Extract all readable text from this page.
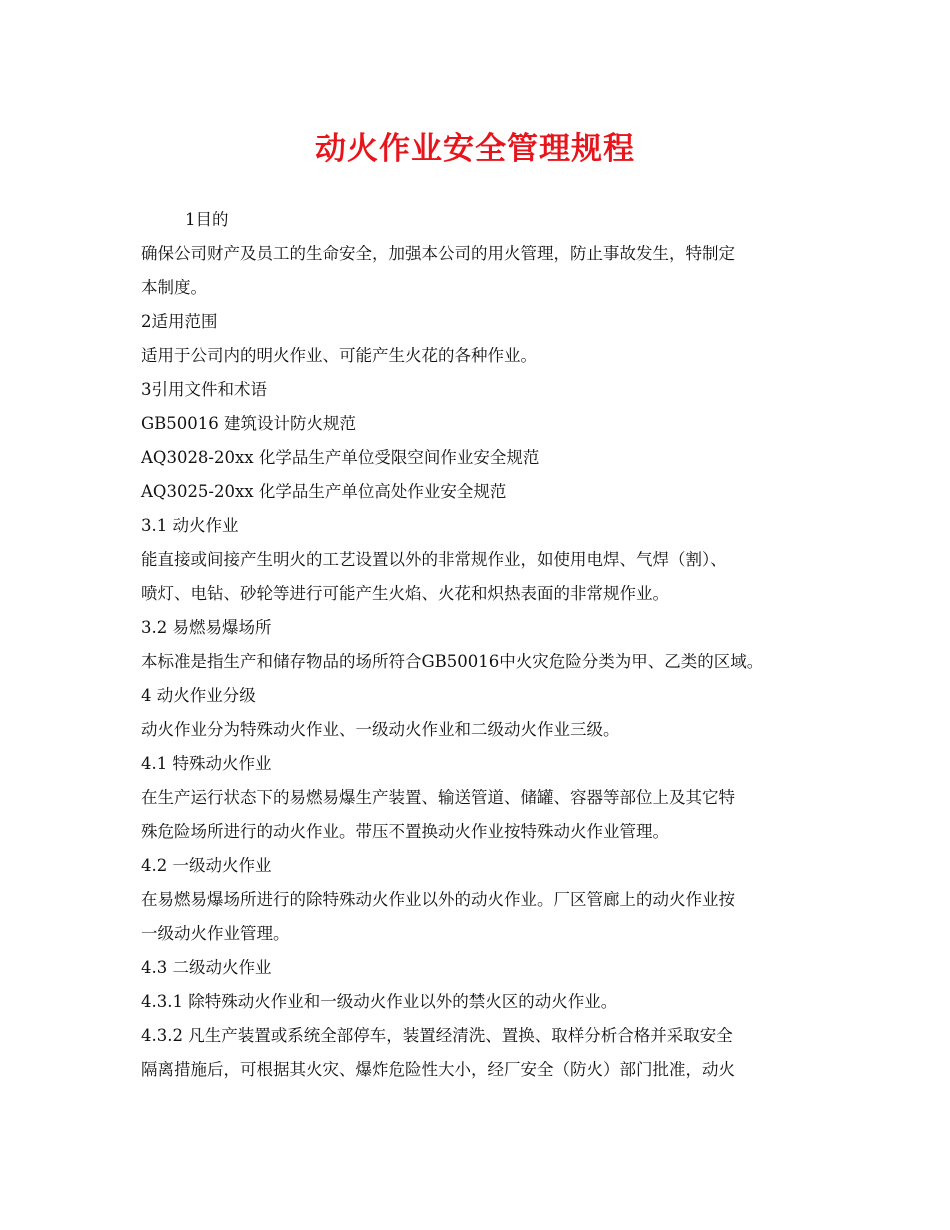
动火作业安全管理规程
1目的
确保公司财产及员工的生命安全，加强本公司的用火管理，防止事故发生，特制定
本制度。
2适用范围
适用于公司内的明火作业、可能产生火花的各种作业。
3引用文件和术语
GB50016 建筑设计防火规范
AQ3028-20xx 化学品生产单位受限空间作业安全规范
AQ3025-20xx 化学品生产单位高处作业安全规范
3.1 动火作业
能直接或间接产生明火的工艺设置以外的非常规作业，如使用电焊、气焊（割）、
喷灯、电钻、砂轮等进行可能产生火焰、火花和炽热表面的非常规作业。
3.2 易燃易爆场所
本标准是指生产和储存物品的场所符合GB50016中火灾危险分类为甲、乙类的区域。
4 动火作业分级
动火作业分为特殊动火作业、一级动火作业和二级动火作业三级。
4.1 特殊动火作业
在生产运行状态下的易燃易爆生产装置、输送管道、储罐、容器等部位上及其它特
殊危险场所进行的动火作业。带压不置换动火作业按特殊动火作业管理。
4.2 一级动火作业
在易燃易爆场所进行的除特殊动火作业以外的动火作业。厂区管廊上的动火作业按
一级动火作业管理。
4.3 二级动火作业
4.3.1 除特殊动火作业和一级动火作业以外的禁火区的动火作业。
4.3.2 凡生产装置或系统全部停车，装置经清洗、置换、取样分析合格并采取安全
隔离措施后，可根据其火灾、爆炸危险性大小，经厂安全（防火）部门批准，动火
